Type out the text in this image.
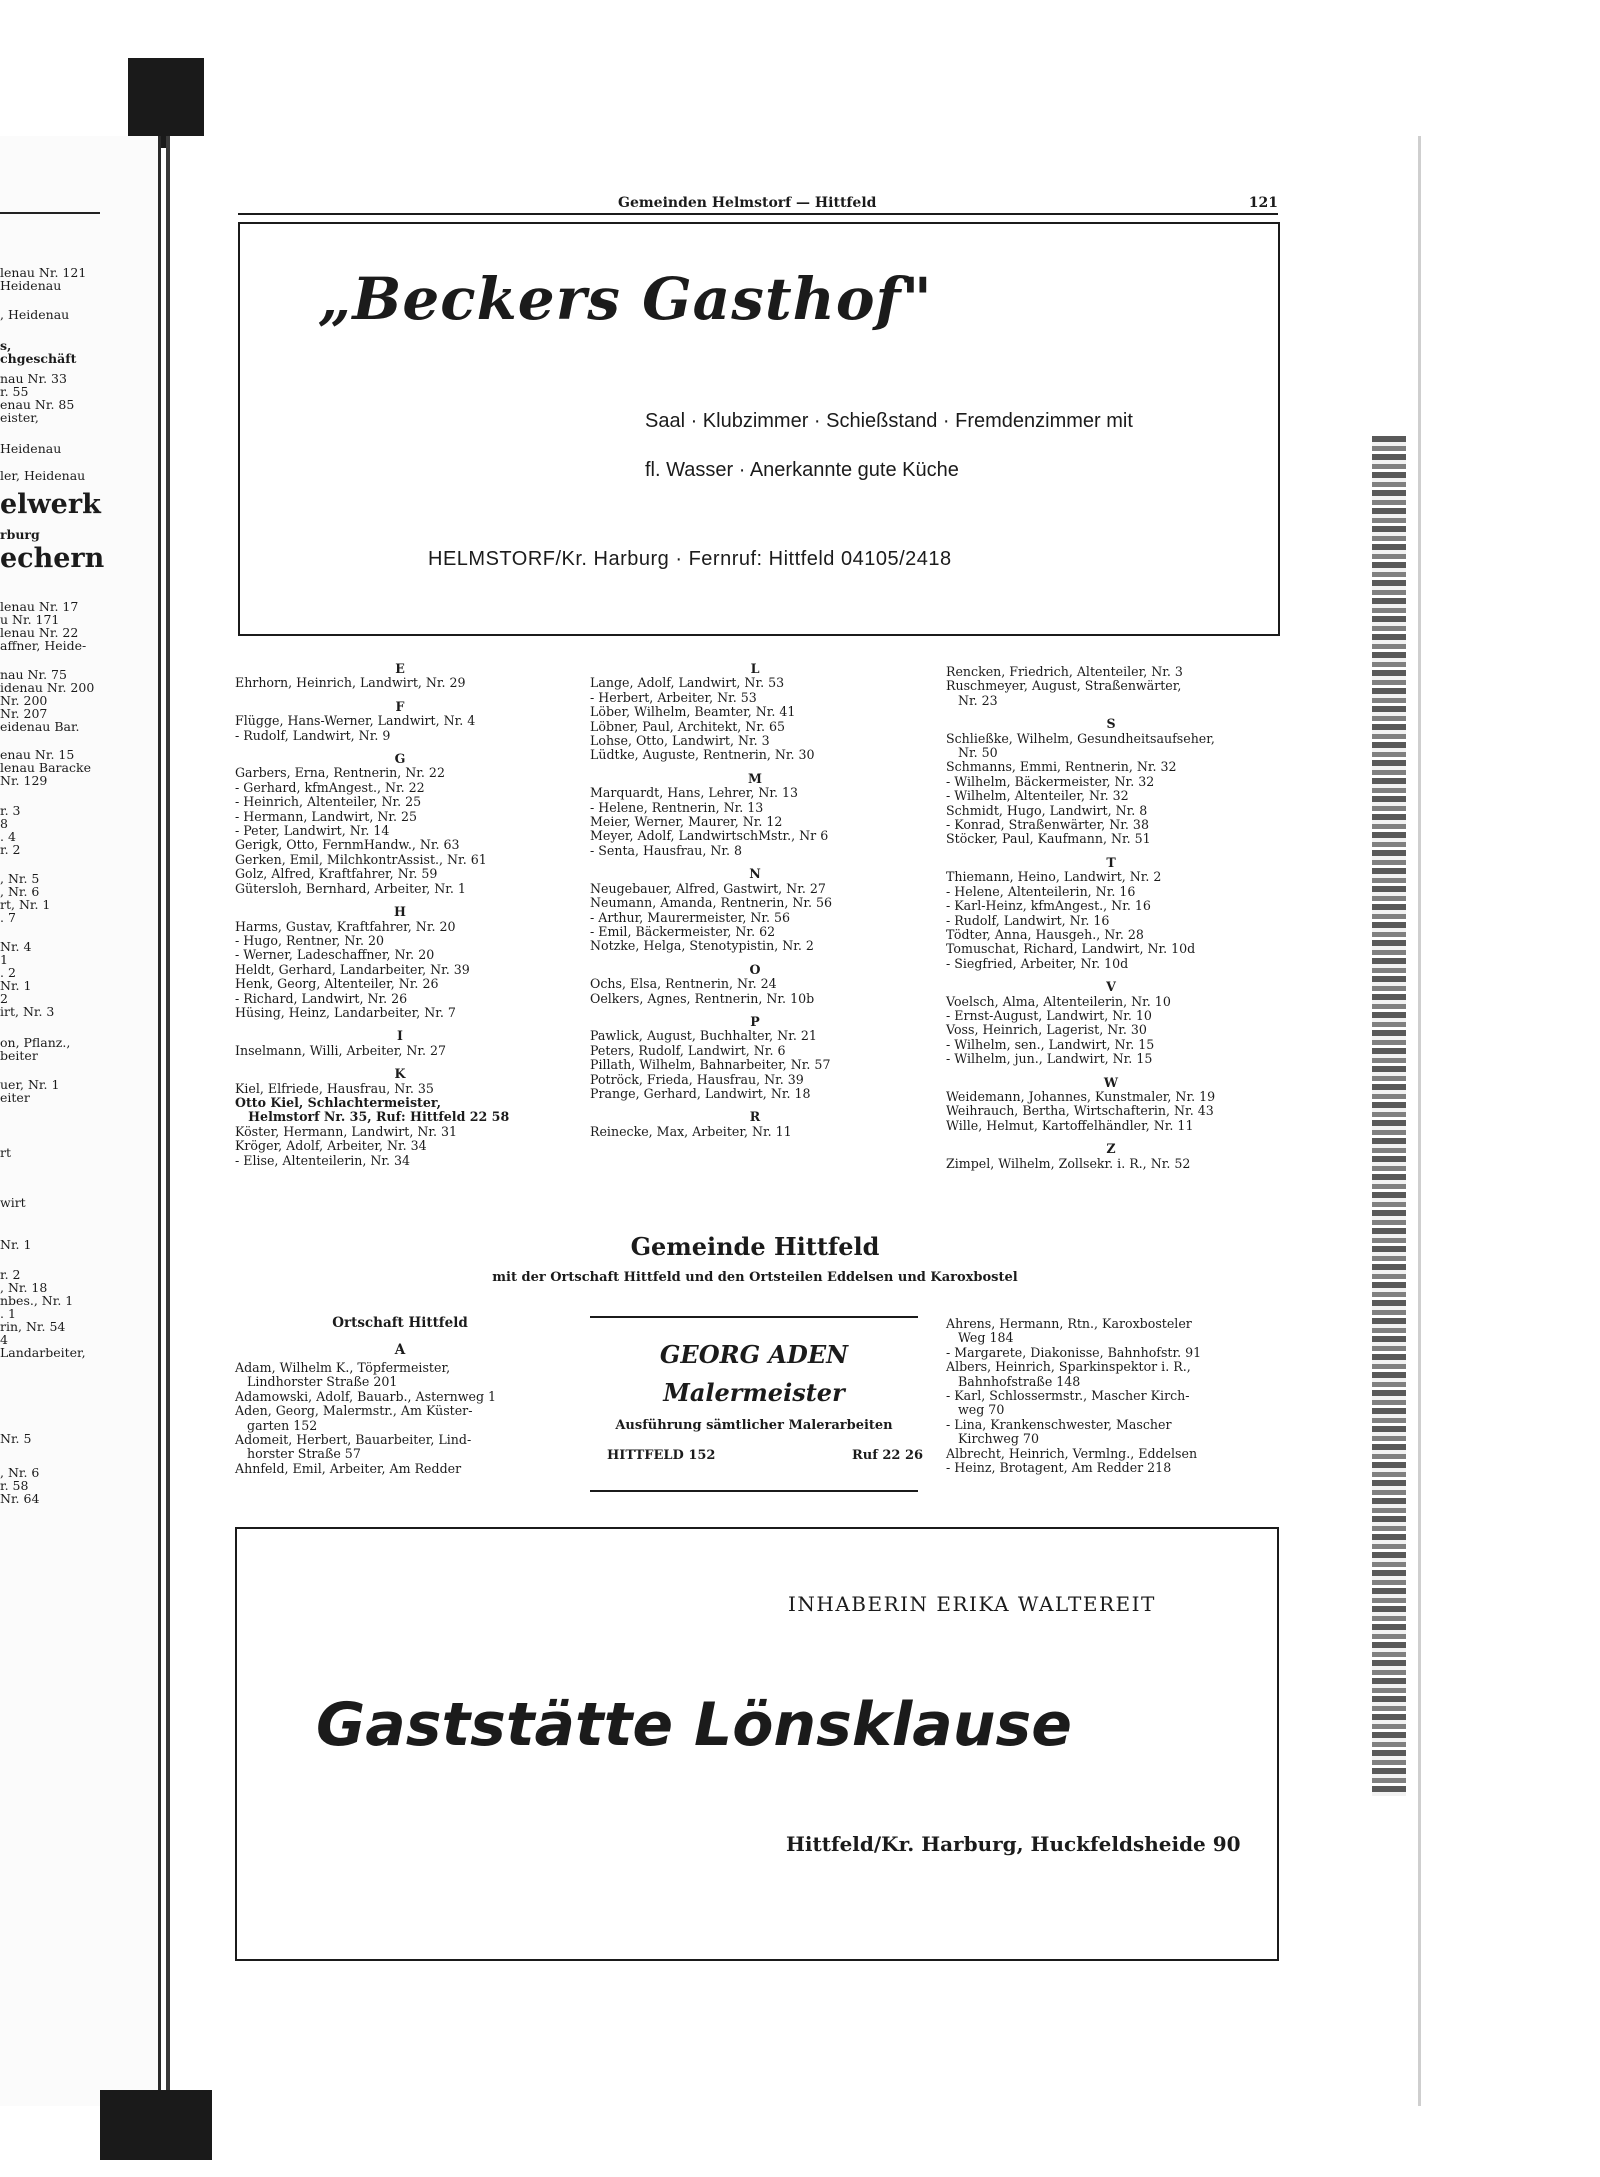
lenau Nr. 121
Heidenau
, Heidenau
s,
chgeschäft
nau Nr. 33
r. 55
enau Nr. 85
eister,
Heidenau
ler, Heidenau
elwerk
rburg
echern
lenau Nr. 17
u Nr. 171
lenau Nr. 22
affner, Heide-
nau Nr. 75
idenau Nr. 200
Nr. 200
Nr. 207
eidenau Bar.
enau Nr. 15
lenau Baracke
Nr. 129
r. 3
8
. 4
r. 2
, Nr. 5
, Nr. 6
rt, Nr. 1
. 7
Nr. 4
1
. 2
Nr. 1
2
irt, Nr. 3
on, Pflanz.,
beiter
uer, Nr. 1
eiter
rt
wirt
Nr. 1
r. 2
, Nr. 18
nbes., Nr. 1
. 1
rin, Nr. 54
4
Landarbeiter,
Nr. 5
, Nr. 6
r. 58
Nr. 64
Gemeinden Helmstorf — Hittfeld	121
„Beckers Gasthof"
Saal · Klubzimmer · Schießstand · Fremdenzimmer mit
fl. Wasser · Anerkannte gute Küche
HELMSTORF/Kr. Harburg · Fernruf: Hittfeld 04105/2418
E
Ehrhorn, Heinrich, Landwirt, Nr. 29
F
Flügge, Hans-Werner, Landwirt, Nr. 4
- Rudolf, Landwirt, Nr. 9
G
Garbers, Erna, Rentnerin, Nr. 22
- Gerhard, kfmAngest., Nr. 22
- Heinrich, Altenteiler, Nr. 25
- Hermann, Landwirt, Nr. 25
- Peter, Landwirt, Nr. 14
Gerigk, Otto, FernmHandw., Nr. 63
Gerken, Emil, MilchkontrAssist., Nr. 61
Golz, Alfred, Kraftfahrer, Nr. 59
Gütersloh, Bernhard, Arbeiter, Nr. 1
H
Harms, Gustav, Kraftfahrer, Nr. 20
- Hugo, Rentner, Nr. 20
- Werner, Ladeschaffner, Nr. 20
Heldt, Gerhard, Landarbeiter, Nr. 39
Henk, Georg, Altenteiler, Nr. 26
- Richard, Landwirt, Nr. 26
Hüsing, Heinz, Landarbeiter, Nr. 7
I
Inselmann, Willi, Arbeiter, Nr. 27
K
Kiel, Elfriede, Hausfrau, Nr. 35
Otto Kiel, Schlachtermeister,
Helmstorf Nr. 35, Ruf: Hittfeld 22 58
Köster, Hermann, Landwirt, Nr. 31
Kröger, Adolf, Arbeiter, Nr. 34
- Elise, Altenteilerin, Nr. 34
L
Lange, Adolf, Landwirt, Nr. 53
- Herbert, Arbeiter, Nr. 53
Löber, Wilhelm, Beamter, Nr. 41
Löbner, Paul, Architekt, Nr. 65
Lohse, Otto, Landwirt, Nr. 3
Lüdtke, Auguste, Rentnerin, Nr. 30
M
Marquardt, Hans, Lehrer, Nr. 13
- Helene, Rentnerin, Nr. 13
Meier, Werner, Maurer, Nr. 12
Meyer, Adolf, LandwirtschMstr., Nr 6
- Senta, Hausfrau, Nr. 8
N
Neugebauer, Alfred, Gastwirt, Nr. 27
Neumann, Amanda, Rentnerin, Nr. 56
- Arthur, Maurermeister, Nr. 56
- Emil, Bäckermeister, Nr. 62
Notzke, Helga, Stenotypistin, Nr. 2
O
Ochs, Elsa, Rentnerin, Nr. 24
Oelkers, Agnes, Rentnerin, Nr. 10b
P
Pawlick, August, Buchhalter, Nr. 21
Peters, Rudolf, Landwirt, Nr. 6
Pillath, Wilhelm, Bahnarbeiter, Nr. 57
Potröck, Frieda, Hausfrau, Nr. 39
Prange, Gerhard, Landwirt, Nr. 18
R
Reinecke, Max, Arbeiter, Nr. 11
Rencken, Friedrich, Altenteiler, Nr. 3
Ruschmeyer, August, Straßenwärter,
Nr. 23
S
Schließke, Wilhelm, Gesundheitsaufseher,
Nr. 50
Schmanns, Emmi, Rentnerin, Nr. 32
- Wilhelm, Bäckermeister, Nr. 32
- Wilhelm, Altenteiler, Nr. 32
Schmidt, Hugo, Landwirt, Nr. 8
- Konrad, Straßenwärter, Nr. 38
Stöcker, Paul, Kaufmann, Nr. 51
T
Thiemann, Heino, Landwirt, Nr. 2
- Helene, Altenteilerin, Nr. 16
- Karl-Heinz, kfmAngest., Nr. 16
- Rudolf, Landwirt, Nr. 16
Tödter, Anna, Hausgeh., Nr. 28
Tomuschat, Richard, Landwirt, Nr. 10d
- Siegfried, Arbeiter, Nr. 10d
V
Voelsch, Alma, Altenteilerin, Nr. 10
- Ernst-August, Landwirt, Nr. 10
Voss, Heinrich, Lagerist, Nr. 30
- Wilhelm, sen., Landwirt, Nr. 15
- Wilhelm, jun., Landwirt, Nr. 15
W
Weidemann, Johannes, Kunstmaler, Nr. 19
Weihrauch, Bertha, Wirtschafterin, Nr. 43
Wille, Helmut, Kartoffelhändler, Nr. 11
Z
Zimpel, Wilhelm, Zollsekr. i. R., Nr. 52
Gemeinde Hittfeld
mit der Ortschaft Hittfeld und den Ortsteilen Eddelsen und Karoxbostel
Ortschaft Hittfeld
A
Adam, Wilhelm K., Töpfermeister,
Lindhorster Straße 201
Adamowski, Adolf, Bauarb., Asternweg 1
Aden, Georg, Malermstr., Am Küster-
garten 152
Adomeit, Herbert, Bauarbeiter, Lind-
horster Straße 57
Ahnfeld, Emil, Arbeiter, Am Redder
Ahrens, Hermann, Rtn., Karoxbosteler
Weg 184
- Margarete, Diakonisse, Bahnhofstr. 91
Albers, Heinrich, Sparkinspektor i. R.,
Bahnhofstraße 148
- Karl, Schlossermstr., Mascher Kirch-
weg 70
- Lina, Krankenschwester, Mascher
Kirchweg 70
Albrecht, Heinrich, Vermlng., Eddelsen
- Heinz, Brotagent, Am Redder 218
GEORG ADEN
Malermeister
Ausführung sämtlicher Malerarbeiten
HITTFELD 152	Ruf 22 26
INHABERIN ERIKA WALTEREIT
Gaststätte Lönsklause
Hittfeld/Kr. Harburg, Huckfeldsheide 90
